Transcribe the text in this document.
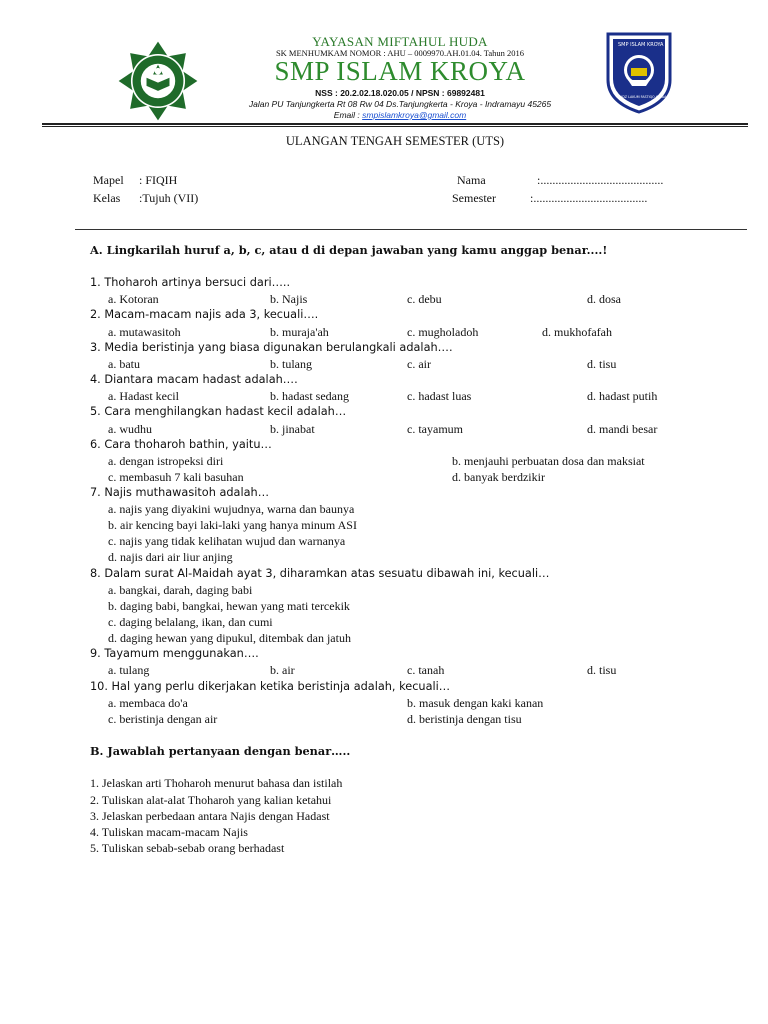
SMP ISLAM KROYA
MUDZ LAKUM FASTIQO INDAA
YAYASAN MIFTAHUL HUDA
SK MENHUMKAM NOMOR : AHU – 0009970.AH.01.04. Tahun 2016
SMP ISLAM KROYA
NSS : 20.2.02.18.020.05 / NPSN : 69892481
Jalan PU Tanjungkerta Rt 08 Rw 04 Ds.Tanjungkerta - Kroya - Indramayu 45265
Email : smpislamkroya@gmail.com
ULANGAN TENGAH SEMESTER (UTS)
Mapel : FIQIH
Kelas :Tujuh (VII)
Nama	:.........................................
Semester	:......................................
A. Lingkarilah huruf a, b, c, atau d di depan jawaban yang kamu anggap benar....!
1. Thoharoh artinya bersuci dari…..
a. Kotoran	b. Najis	c. debu	d. dosa
2. Macam-macam najis ada 3, kecuali….
a. mutawasitoh	b. muraja'ah	c. mugholadoh	d. mukhofafah
3. Media beristinja yang biasa digunakan berulangkali adalah….
a. batu	b. tulang	c. air	d. tisu
4. Diantara macam hadast adalah….
a. Hadast kecil	b. hadast sedang	c. hadast luas	d. hadast putih
5. Cara menghilangkan hadast kecil adalah…
a. wudhu	b. jinabat	c. tayamum	d. mandi besar
6. Cara thoharoh bathin, yaitu…
a. dengan istropeksi diri	b. menjauhi perbuatan dosa dan maksiat
c. membasuh 7 kali basuhan	d. banyak berdzikir
7. Najis muthawasitoh adalah…
a. najis yang diyakini wujudnya, warna dan baunya
b. air kencing bayi laki-laki yang hanya minum ASI
c. najis yang tidak kelihatan wujud dan warnanya
d. najis dari air liur anjing
8. Dalam surat Al-Maidah ayat 3, diharamkan atas sesuatu dibawah ini, kecuali…
a. bangkai, darah, daging babi
b. daging babi, bangkai, hewan yang mati tercekik
c. daging belalang, ikan, dan cumi
d. daging hewan yang dipukul, ditembak dan jatuh
9. Tayamum menggunakan….
a. tulang	b. air	c. tanah	d. tisu
10. Hal yang perlu dikerjakan ketika beristinja adalah, kecuali…
a. membaca do'a	b. masuk dengan kaki kanan
c. beristinja dengan air	d. beristinja dengan tisu
B. Jawablah pertanyaan dengan benar…..
1. Jelaskan arti Thoharoh menurut bahasa dan istilah
2. Tuliskan alat-alat Thoharoh yang kalian ketahui
3. Jelaskan perbedaan antara Najis dengan Hadast
4. Tuliskan macam-macam Najis
5. Tuliskan sebab-sebab orang berhadast
